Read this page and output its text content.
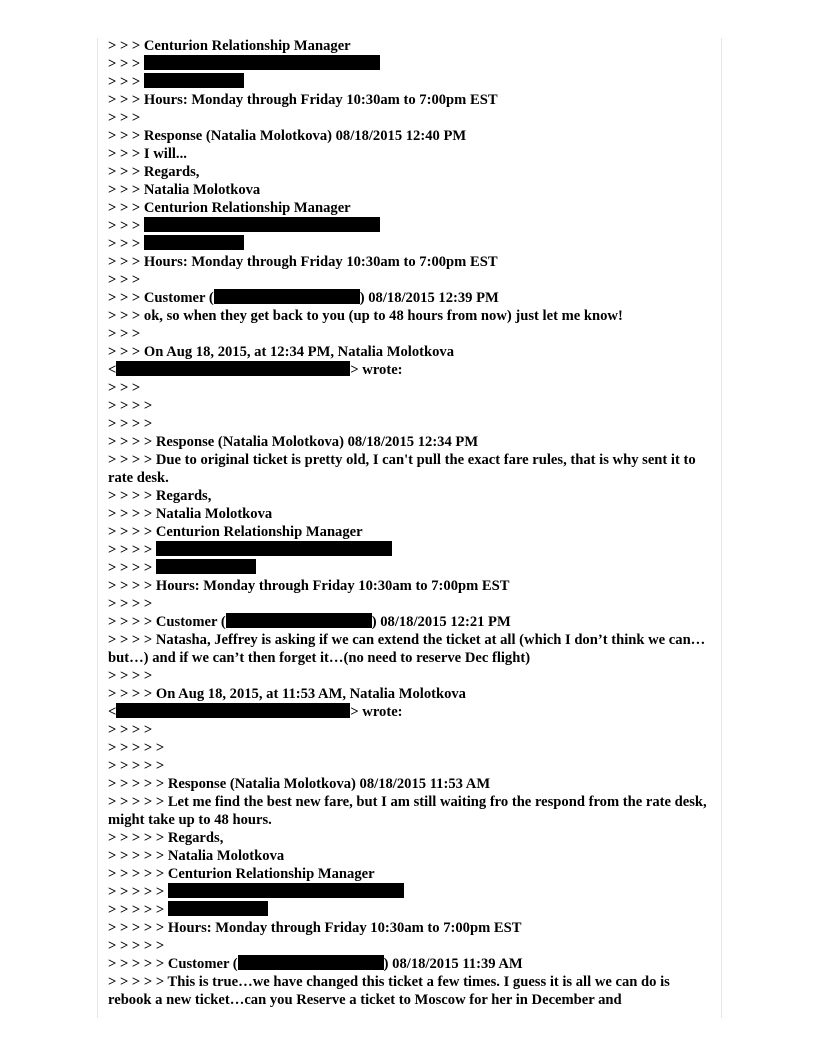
> > > Centurion Relationship Manager
> > >
> > >
> > > Hours: Monday through Friday 10:30am to 7:00pm EST
> > >
> > > Response (Natalia Molotkova) 08/18/2015 12:40 PM
> > > I will...
> > > Regards,
> > > Natalia Molotkova
> > > Centurion Relationship Manager
> > >
> > >
> > > Hours: Monday through Friday 10:30am to 7:00pm EST
> > >
> > > Customer (	) 08/18/2015 12:39 PM
> > > ok, so when they get back to you (up to 48 hours from now) just let me know!
> > >
> > > On Aug 18, 2015, at 12:34 PM, Natalia Molotkova
<	> wrote:
> > >
> > > >
> > > >
> > > > Response (Natalia Molotkova) 08/18/2015 12:34 PM
> > > > Due to original ticket is pretty old, I can't pull the exact fare rules, that is why sent it to rate desk.
> > > > Regards,
> > > > Natalia Molotkova
> > > > Centurion Relationship Manager
> > > >
> > > >
> > > > Hours: Monday through Friday 10:30am to 7:00pm EST
> > > >
> > > > Customer (	) 08/18/2015 12:21 PM
> > > > Natasha, Jeffrey is asking if we can extend the ticket at all (which I don’t think we can…but…) and if we can’t then forget it…(no need to reserve Dec flight)
> > > >
> > > > On Aug 18, 2015, at 11:53 AM, Natalia Molotkova
<	> wrote:
> > > >
> > > > >
> > > > >
> > > > > Response (Natalia Molotkova) 08/18/2015 11:53 AM
> > > > > Let me find the best new fare, but I am still waiting fro the respond from the rate desk, might take up to 48 hours.
> > > > > Regards,
> > > > > Natalia Molotkova
> > > > > Centurion Relationship Manager
> > > > >
> > > > >
> > > > > Hours: Monday through Friday 10:30am to 7:00pm EST
> > > > >
> > > > > Customer (	) 08/18/2015 11:39 AM
> > > > > This is true…we have changed this ticket a few times. I guess it is all we can do is rebook a new ticket…can you Reserve a ticket to Moscow for her in December and
